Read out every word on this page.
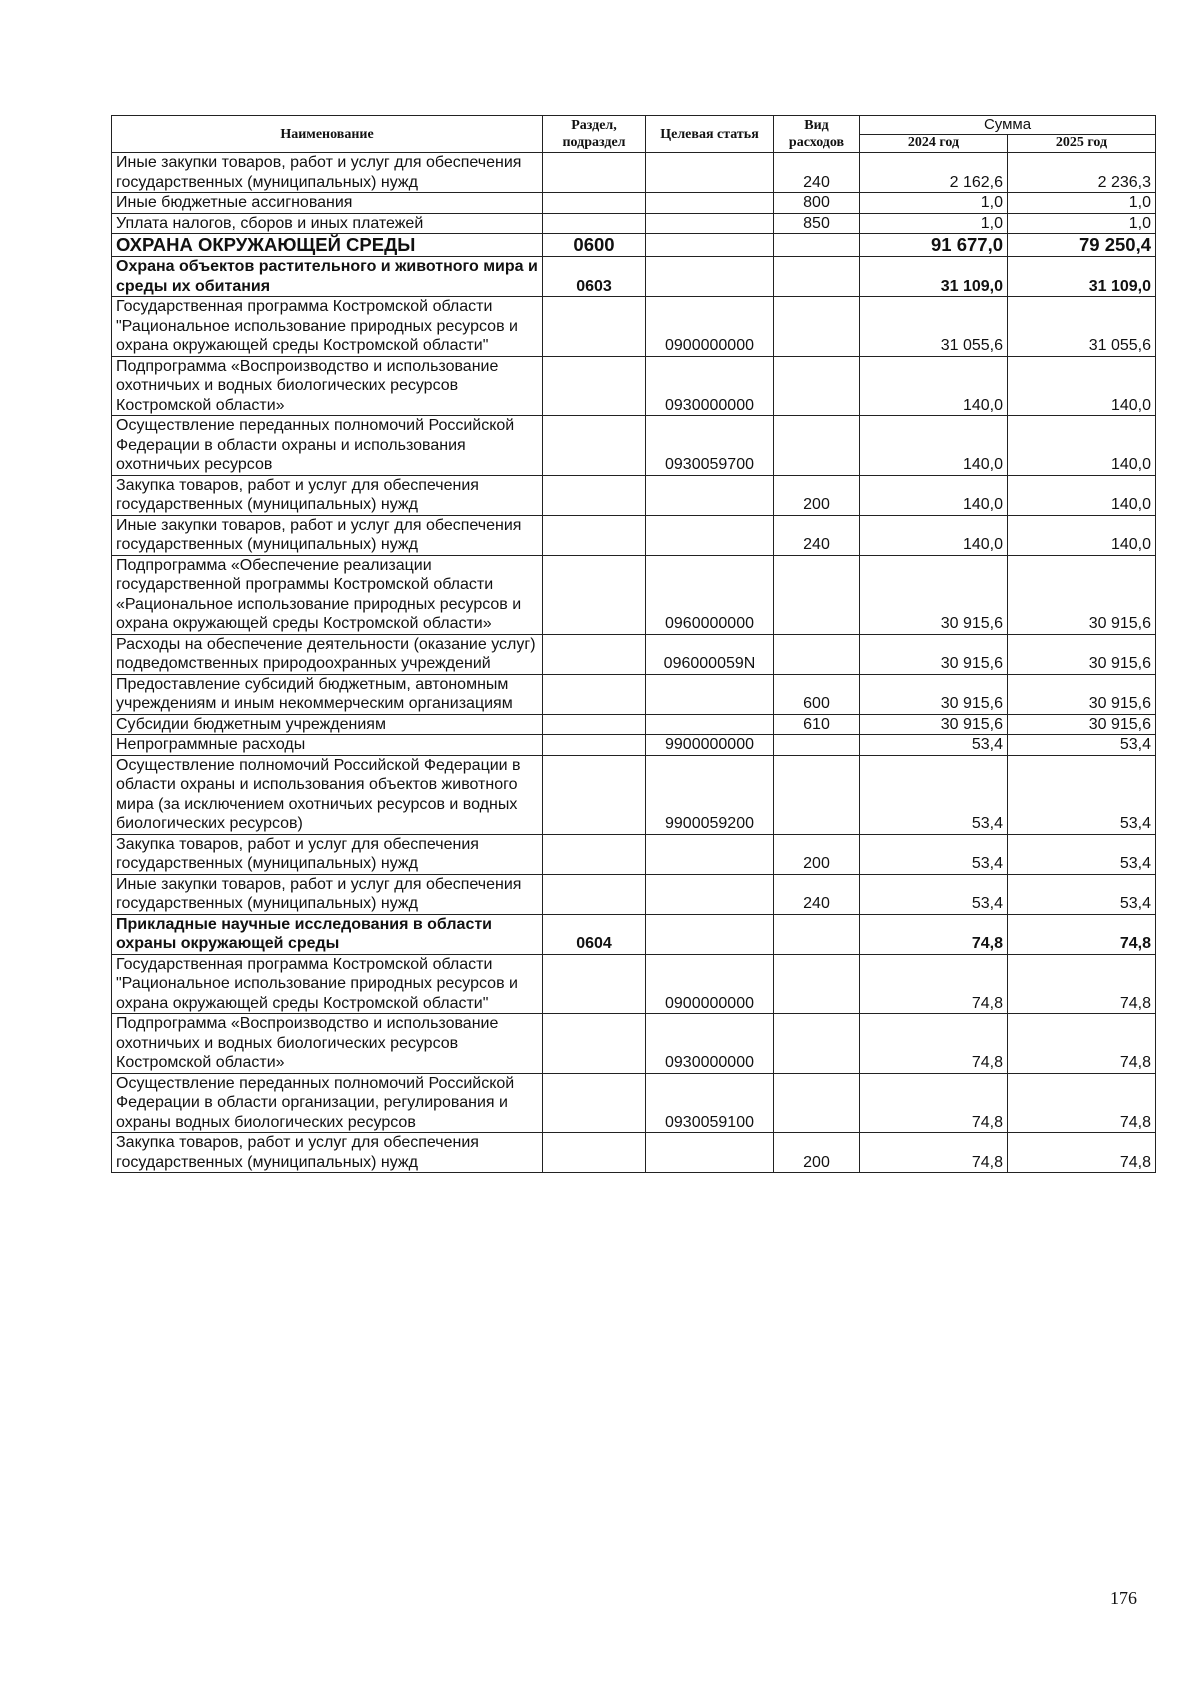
Наименование	Раздел, подраздел	Целевая статья	Вид расходов	Сумма	
				2024 год	2025 год
Иные закупки товаров, работ и услуг для обеспечения государственных (муниципальных) нужд			240	2 162,6	2 236,3
Иные бюджетные ассигнования			800	1,0	1,0
Уплата налогов, сборов и иных платежей			850	1,0	1,0
ОХРАНА ОКРУЖАЮЩЕЙ СРЕДЫ	0600			91 677,0	79 250,4
Охрана объектов растительного и животного мира и среды их обитания	0603			31 109,0	31 109,0
Государственная программа Костромской области "Рациональное использование природных ресурсов и охрана окружающей среды Костромской области"		0900000000		31 055,6	31 055,6
Подпрограмма «Воспроизводство и использование охотничьих и водных биологических ресурсов Костромской области»		0930000000		140,0	140,0
Осуществление переданных полномочий Российской Федерации в области охраны и использования охотничьих ресурсов		0930059700		140,0	140,0
Закупка товаров, работ и услуг для обеспечения государственных (муниципальных) нужд			200	140,0	140,0
Иные закупки товаров, работ и услуг для обеспечения государственных (муниципальных) нужд			240	140,0	140,0
Подпрограмма «Обеспечение реализации государственной программы Костромской области «Рациональное использование природных ресурсов и охрана окружающей среды Костромской области»		0960000000		30 915,6	30 915,6
Расходы на обеспечение деятельности (оказание услуг) подведомственных природоохранных учреждений		096000059N		30 915,6	30 915,6
Предоставление субсидий бюджетным, автономным учреждениям и иным некоммерческим организациям			600	30 915,6	30 915,6
Субсидии бюджетным учреждениям			610	30 915,6	30 915,6
Непрограммные расходы		9900000000		53,4	53,4
Осуществление полномочий Российской Федерации в области охраны и использования объектов животного мира (за исключением охотничьих ресурсов и водных биологических ресурсов)		9900059200		53,4	53,4
Закупка товаров, работ и услуг для обеспечения государственных (муниципальных) нужд			200	53,4	53,4
Иные закупки товаров, работ и услуг для обеспечения государственных (муниципальных) нужд			240	53,4	53,4
Прикладные научные исследования в области охраны окружающей среды	0604			74,8	74,8
Государственная программа Костромской области "Рациональное использование природных ресурсов и охрана окружающей среды Костромской области"		0900000000		74,8	74,8
Подпрограмма «Воспроизводство и использование охотничьих и водных биологических ресурсов Костромской области»		0930000000		74,8	74,8
Осуществление переданных полномочий Российской Федерации в области организации, регулирования и охраны водных биологических ресурсов		0930059100		74,8	74,8
Закупка товаров, работ и услуг для обеспечения государственных (муниципальных) нужд			200	74,8	74,8
176
